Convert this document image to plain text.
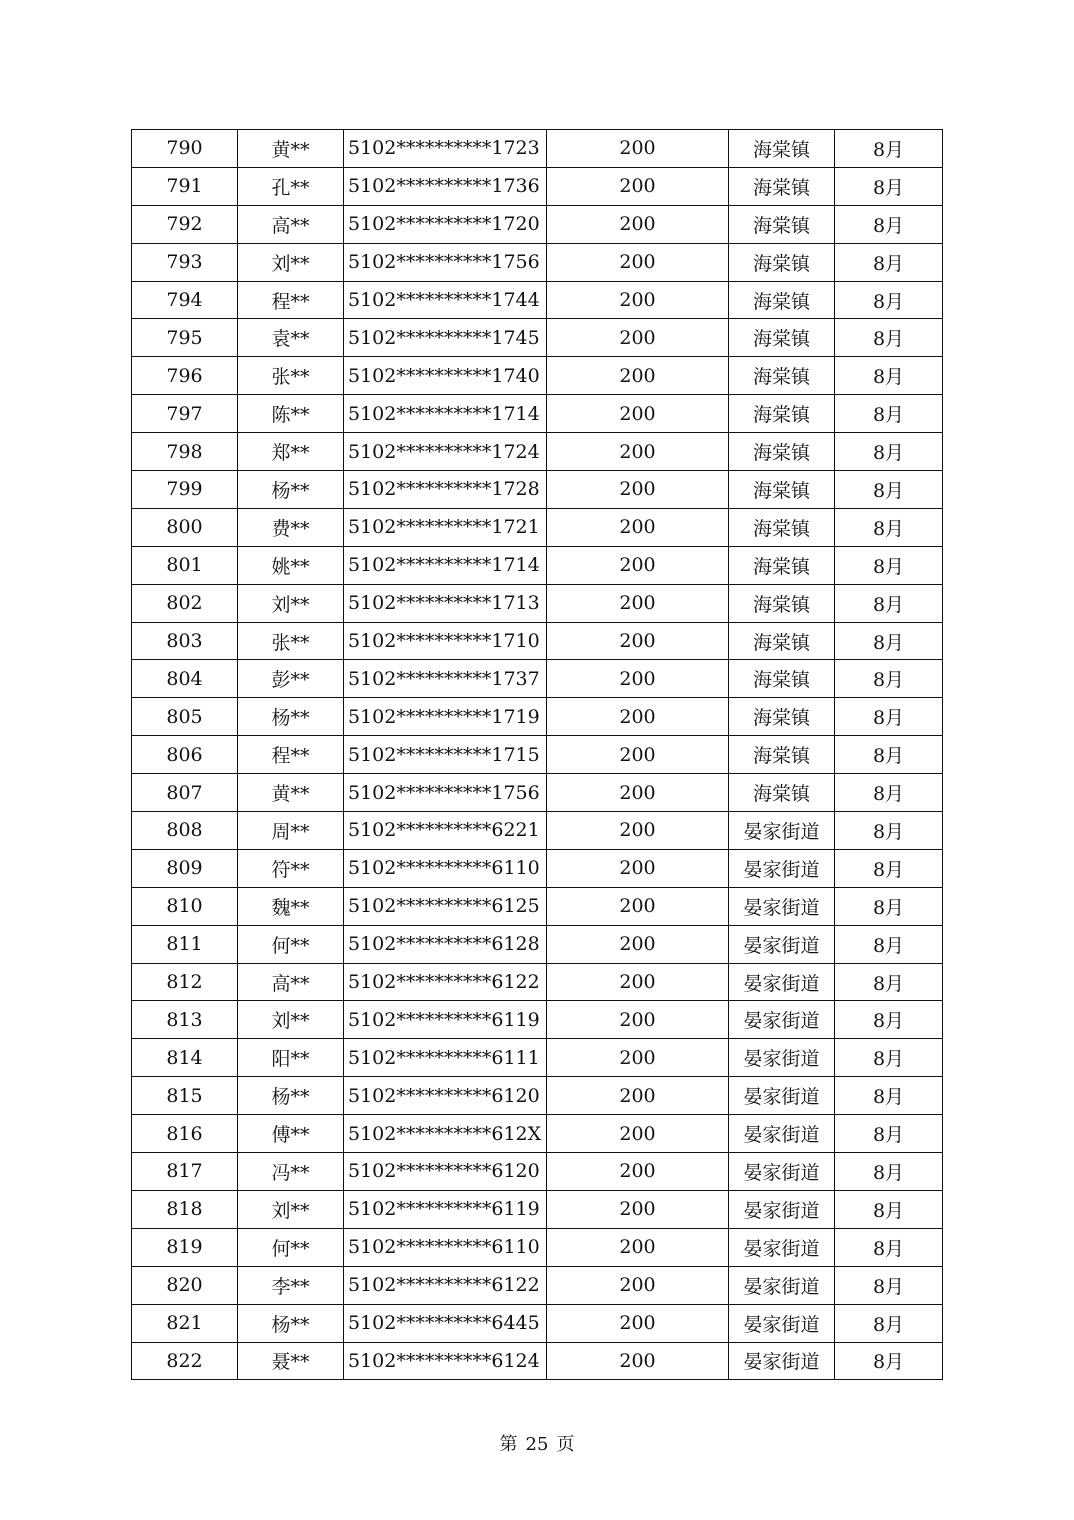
790	黄**	5102**********1723	200	海棠镇	8月
791	孔**	5102**********1736	200	海棠镇	8月
792	高**	5102**********1720	200	海棠镇	8月
793	刘**	5102**********1756	200	海棠镇	8月
794	程**	5102**********1744	200	海棠镇	8月
795	袁**	5102**********1745	200	海棠镇	8月
796	张**	5102**********1740	200	海棠镇	8月
797	陈**	5102**********1714	200	海棠镇	8月
798	郑**	5102**********1724	200	海棠镇	8月
799	杨**	5102**********1728	200	海棠镇	8月
800	费**	5102**********1721	200	海棠镇	8月
801	姚**	5102**********1714	200	海棠镇	8月
802	刘**	5102**********1713	200	海棠镇	8月
803	张**	5102**********1710	200	海棠镇	8月
804	彭**	5102**********1737	200	海棠镇	8月
805	杨**	5102**********1719	200	海棠镇	8月
806	程**	5102**********1715	200	海棠镇	8月
807	黄**	5102**********1756	200	海棠镇	8月
808	周**	5102**********6221	200	晏家街道	8月
809	符**	5102**********6110	200	晏家街道	8月
810	魏**	5102**********6125	200	晏家街道	8月
811	何**	5102**********6128	200	晏家街道	8月
812	高**	5102**********6122	200	晏家街道	8月
813	刘**	5102**********6119	200	晏家街道	8月
814	阳**	5102**********6111	200	晏家街道	8月
815	杨**	5102**********6120	200	晏家街道	8月
816	傅**	5102**********612X	200	晏家街道	8月
817	冯**	5102**********6120	200	晏家街道	8月
818	刘**	5102**********6119	200	晏家街道	8月
819	何**	5102**********6110	200	晏家街道	8月
820	李**	5102**********6122	200	晏家街道	8月
821	杨**	5102**********6445	200	晏家街道	8月
822	聂**	5102**********6124	200	晏家街道	8月
第 25 页
